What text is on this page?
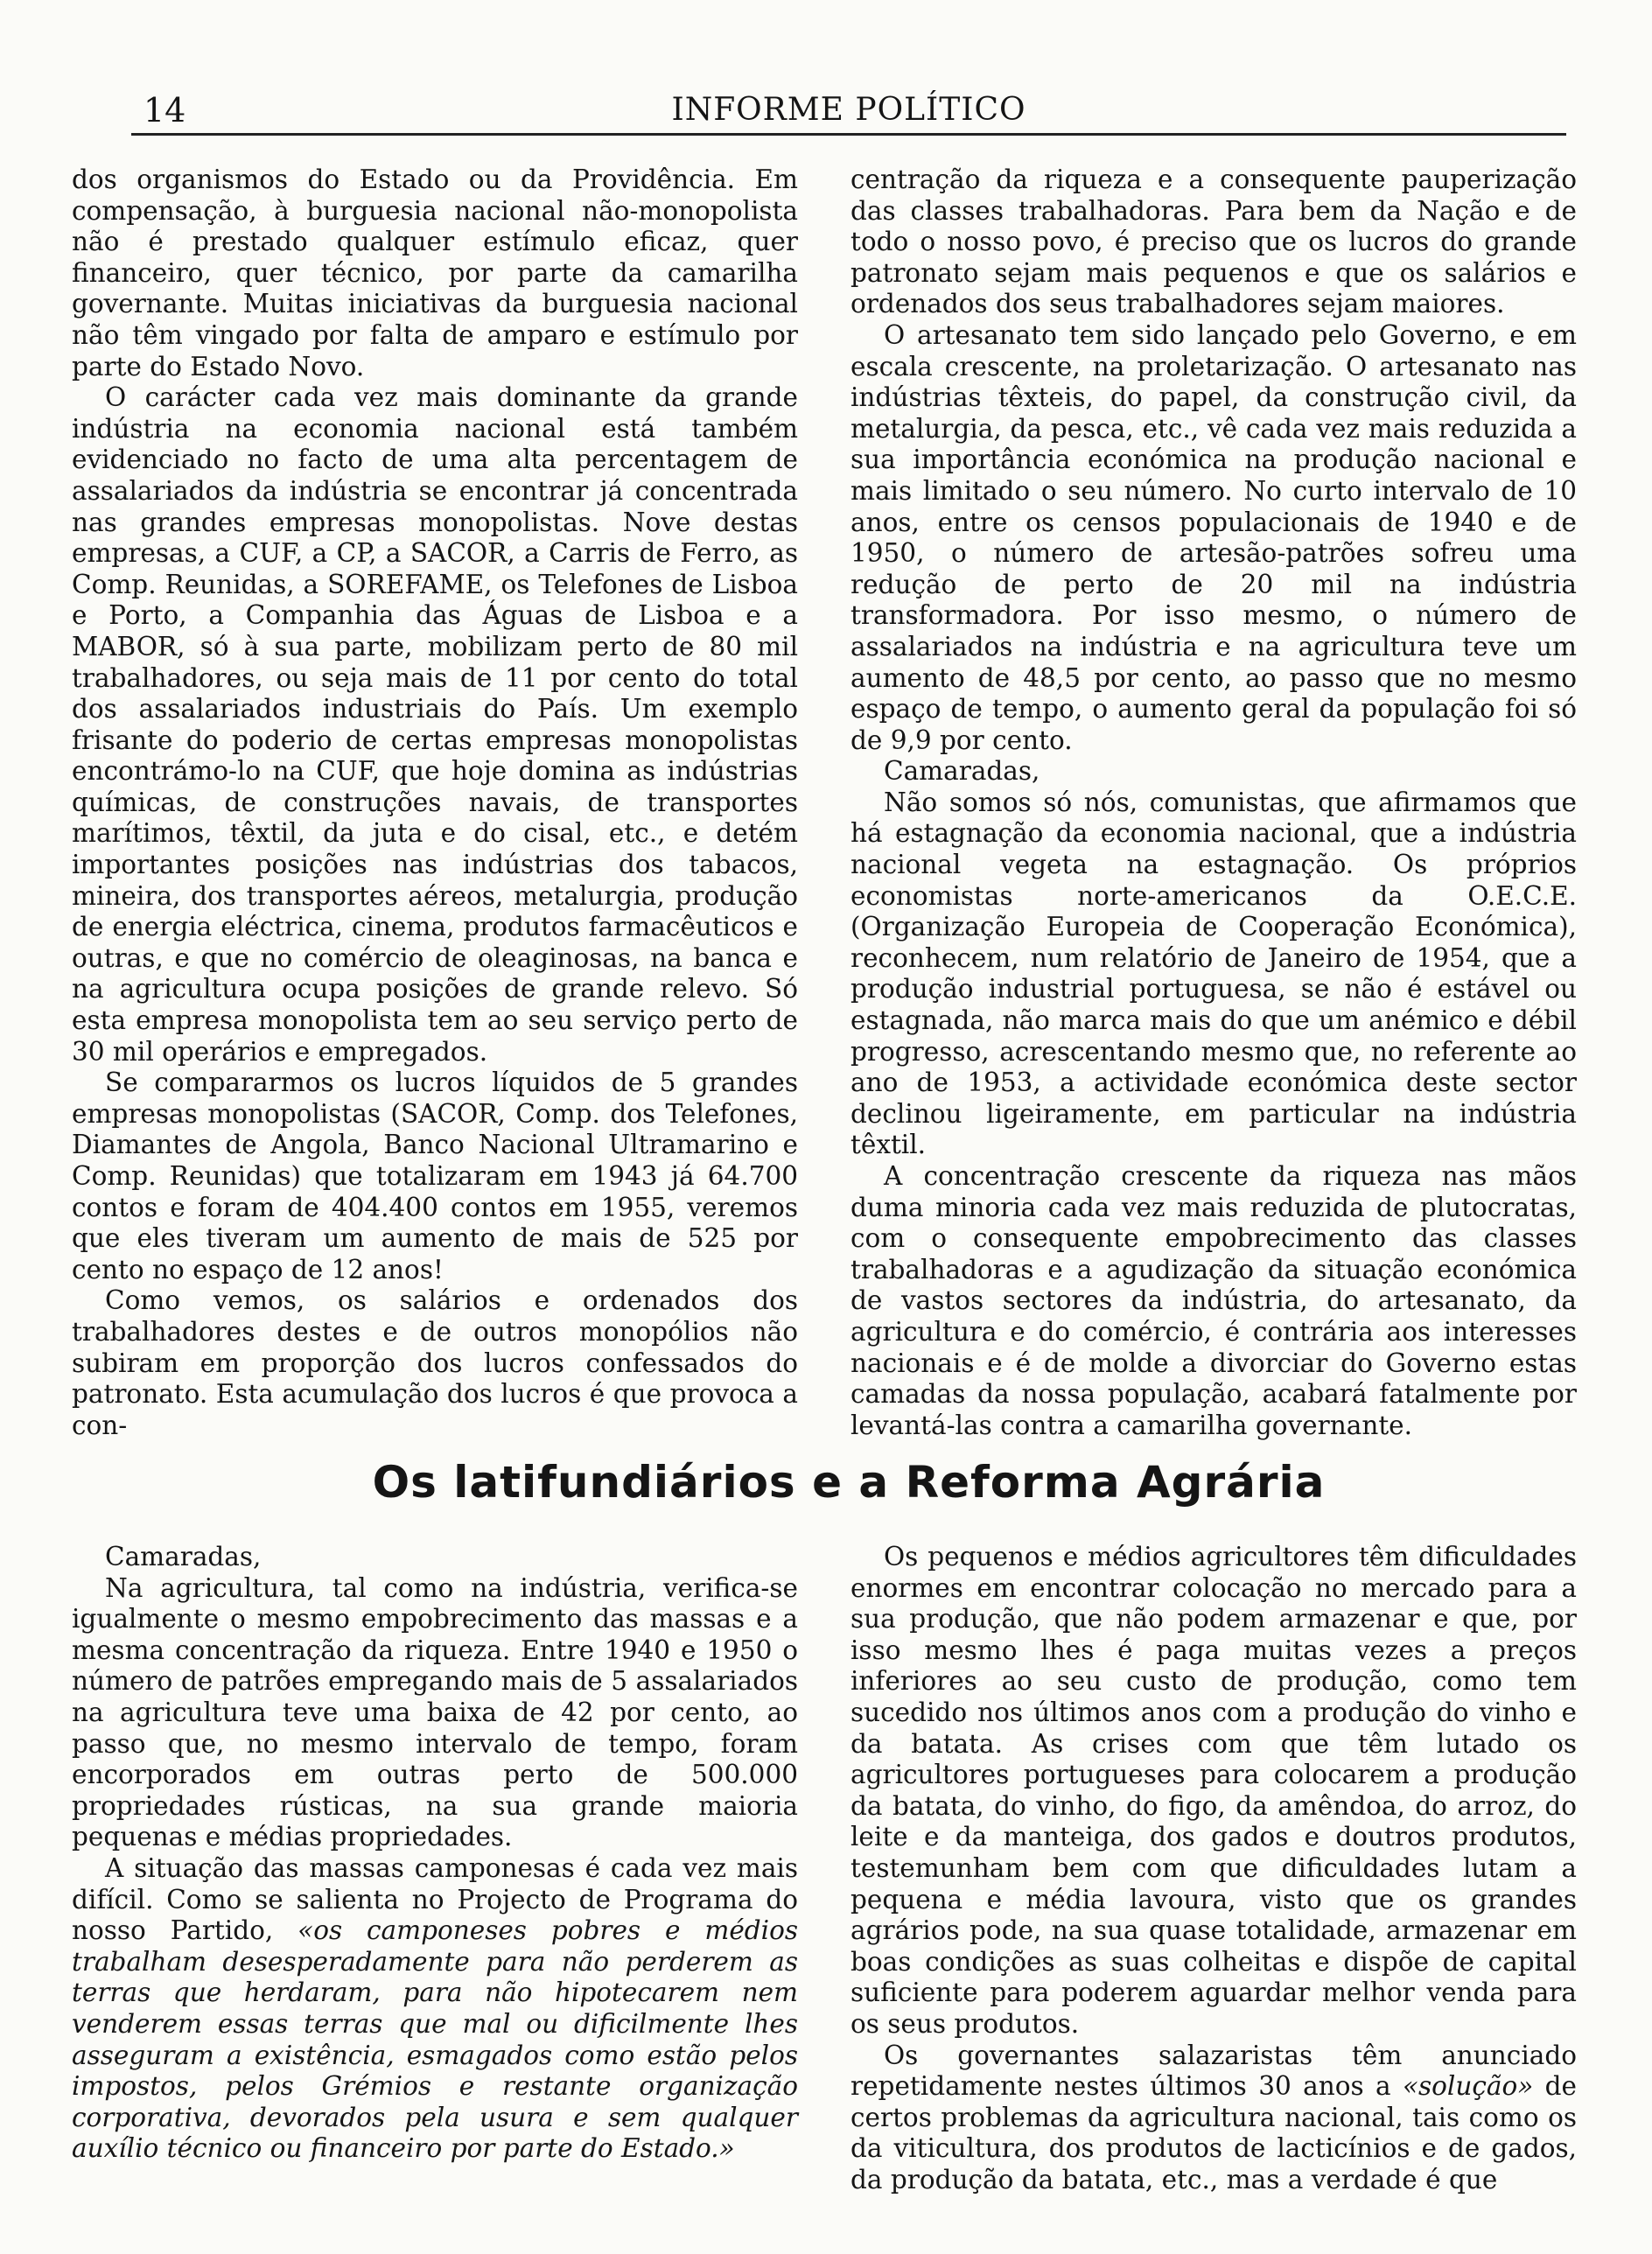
14	INFORME POLÍTICO

dos organismos do Estado ou da Providência. Em compensação, à burguesia nacional não-monopolista não é prestado qualquer estímulo eficaz, quer financeiro, quer técnico, por parte da camarilha governante. Muitas iniciativas da burguesia nacional não têm vingado por falta de amparo e estímulo por parte do Estado Novo.

O carácter cada vez mais dominante da grande indústria na economia nacional está também evidenciado no facto de uma alta percentagem de assalariados da indústria se encontrar já concentrada nas grandes empresas monopolistas. Nove destas empresas, a CUF, a CP, a SACOR, a Carris de Ferro, as Comp. Reunidas, a SOREFAME, os Telefones de Lisboa e Porto, a Companhia das Águas de Lisboa e a MABOR, só à sua parte, mobilizam perto de 80 mil trabalhadores, ou seja mais de 11 por cento do total dos assalariados industriais do País. Um exemplo frisante do poderio de certas empresas monopolistas encontrámo-lo na CUF, que hoje domina as indústrias químicas, de construções navais, de transportes marítimos, têxtil, da juta e do cisal, etc., e detém importantes posições nas indústrias dos tabacos, mineira, dos transportes aéreos, metalurgia, produção de energia eléctrica, cinema, produtos farmacêuticos e outras, e que no comércio de oleaginosas, na banca e na agricultura ocupa posições de grande relevo. Só esta empresa monopolista tem ao seu serviço perto de 30 mil operários e empregados.

Se compararmos os lucros líquidos de 5 grandes empresas monopolistas (SACOR, Comp. dos Telefones, Diamantes de Angola, Banco Nacional Ultramarino e Comp. Reunidas) que totalizaram em 1943 já 64.700 contos e foram de 404.400 contos em 1955, veremos que eles tiveram um aumento de mais de 525 por cento no espaço de 12 anos!

Como vemos, os salários e ordenados dos trabalhadores destes e de outros monopólios não subiram em proporção dos lucros confessados do patronato. Esta acumulação dos lucros é que provoca a con-

centração da riqueza e a consequente pauperização das classes trabalhadoras. Para bem da Nação e de todo o nosso povo, é preciso que os lucros do grande patronato sejam mais pequenos e que os salários e ordenados dos seus trabalhadores sejam maiores.

O artesanato tem sido lançado pelo Governo, e em escala crescente, na proletarização. O artesanato nas indústrias têxteis, do papel, da construção civil, da metalurgia, da pesca, etc., vê cada vez mais reduzida a sua importância económica na produção nacional e mais limitado o seu número. No curto intervalo de 10 anos, entre os censos populacionais de 1940 e de 1950, o número de artesão-patrões sofreu uma redução de perto de 20 mil na indústria transformadora. Por isso mesmo, o número de assalariados na indústria e na agricultura teve um aumento de 48,5 por cento, ao passo que no mesmo espaço de tempo, o aumento geral da população foi só de 9,9 por cento.

Camaradas,

Não somos só nós, comunistas, que afirmamos que há estagnação da economia nacional, que a indústria nacional vegeta na estagnação. Os próprios economistas norte-americanos da O.E.C.E. (Organização Europeia de Cooperação Económica), reconhecem, num relatório de Janeiro de 1954, que a produção industrial portuguesa, se não é estável ou estagnada, não marca mais do que um anémico e débil progresso, acrescentando mesmo que, no referente ao ano de 1953, a actividade económica deste sector declinou ligeiramente, em particular na indústria têxtil.

A concentração crescente da riqueza nas mãos duma minoria cada vez mais reduzida de plutocratas, com o consequente empobrecimento das classes trabalhadoras e a agudização da situação económica de vastos sectores da indústria, do artesanato, da agricultura e do comércio, é contrária aos interesses nacionais e é de molde a divorciar do Governo estas camadas da nossa população, acabará fatalmente por levantá-las contra a camarilha governante.

Os latifundiários e a Reforma Agrária

Camaradas,

Na agricultura, tal como na indústria, verifica-se igualmente o mesmo empobrecimento das massas e a mesma concentração da riqueza. Entre 1940 e 1950 o número de patrões empregando mais de 5 assalariados na agricultura teve uma baixa de 42 por cento, ao passo que, no mesmo intervalo de tempo, foram encorporados em outras perto de 500.000 propriedades rústicas, na sua grande maioria pequenas e médias propriedades.

A situação das massas camponesas é cada vez mais difícil. Como se salienta no Projecto de Programa do nosso Partido, «os camponeses pobres e médios trabalham desesperadamente para não perderem as terras que herdaram, para não hipotecarem nem venderem essas terras que mal ou dificilmente lhes asseguram a existência, esmagados como estão pelos impostos, pelos Grémios e restante organização corporativa, devorados pela usura e sem qualquer auxílio técnico ou financeiro por parte do Estado.»

Os pequenos e médios agricultores têm dificuldades enormes em encontrar colocação no mercado para a sua produção, que não podem armazenar e que, por isso mesmo lhes é paga muitas vezes a preços inferiores ao seu custo de produção, como tem sucedido nos últimos anos com a produção do vinho e da batata. As crises com que têm lutado os agricultores portugueses para colocarem a produção da batata, do vinho, do figo, da amêndoa, do arroz, do leite e da manteiga, dos gados e doutros produtos, testemunham bem com que dificuldades lutam a pequena e média lavoura, visto que os grandes agrários pode, na sua quase totalidade, armazenar em boas condições as suas colheitas e dispõe de capital suficiente para poderem aguardar melhor venda para os seus produtos.

Os governantes salazaristas têm anunciado repetidamente nestes últimos 30 anos a «solução» de certos problemas da agricultura nacional, tais como os da viticultura, dos produtos de lacticínios e de gados, da produção da batata, etc., mas a verdade é que
